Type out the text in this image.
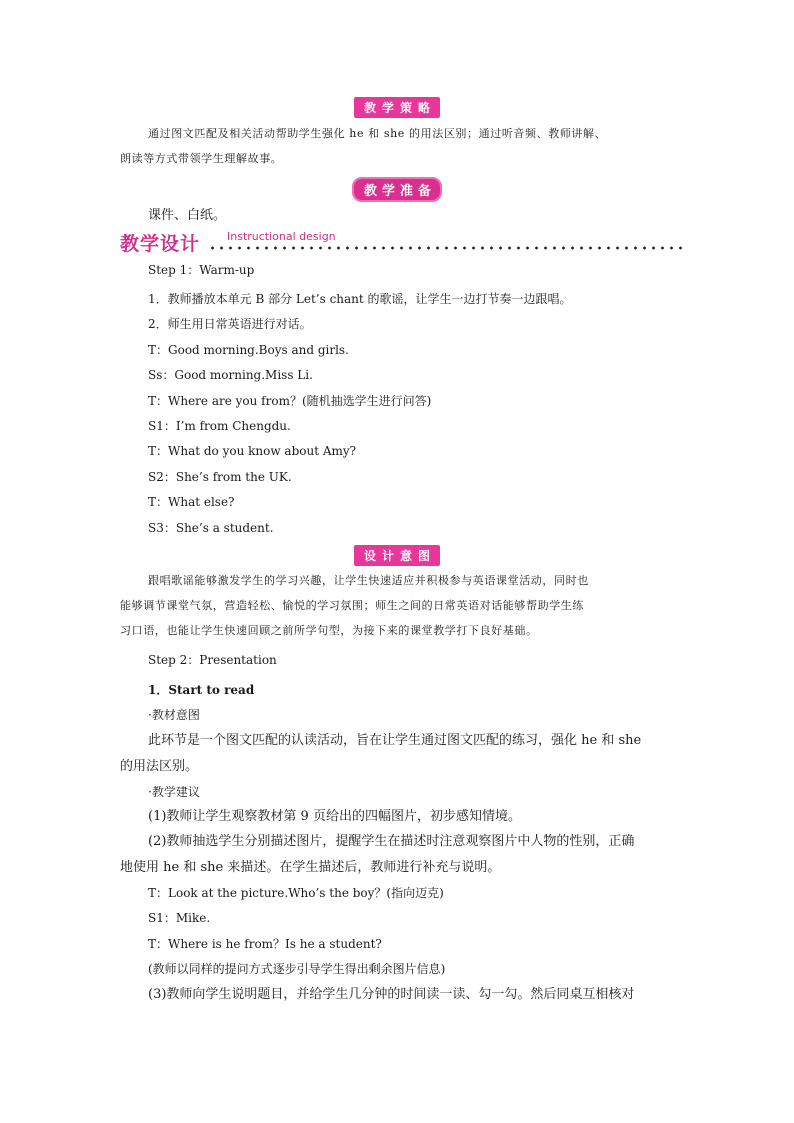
教学策略
通过图文匹配及相关活动帮助学生强化 he 和 she 的用法区别；通过听音频、教师讲解、
朗读等方式带领学生理解故事。
教学准备
课件、白纸。
教学设计 Instructional design
Step 1：Warm-up
1．教师播放本单元 B 部分 Let’s chant 的歌谣，让学生一边打节奏一边跟唱。
2．师生用日常英语进行对话。
T：Good morning.Boys and girls.
Ss：Good morning.Miss Li.
T：Where are you from？(随机抽选学生进行问答)
S1：I’m from Chengdu.
T：What do you know about Amy?
S2：She’s from the UK.
T：What else?
S3：She’s a student.
设计意图
跟唱歌谣能够激发学生的学习兴趣，让学生快速适应并积极参与英语课堂活动，同时也
能够调节课堂气氛，营造轻松、愉悦的学习氛围；师生之间的日常英语对话能够帮助学生练
习口语，也能让学生快速回顾之前所学句型，为接下来的课堂教学打下良好基础。
Step 2：Presentation
1．Start to read
·教材意图
此环节是一个图文匹配的认读活动，旨在让学生通过图文匹配的练习，强化 he 和 she
的用法区别。
·教学建议
(1)教师让学生观察教材第 9 页给出的四幅图片，初步感知情境。
(2)教师抽选学生分别描述图片，提醒学生在描述时注意观察图片中人物的性别，正确
地使用 he 和 she 来描述。在学生描述后，教师进行补充与说明。
T：Look at the picture.Who’s the boy？(指向迈克)
S1：Mike.
T：Where is he from？Is he a student?
(教师以同样的提问方式逐步引导学生得出剩余图片信息)
(3)教师向学生说明题目，并给学生几分钟的时间读一读、勾一勾。然后同桌互相核对
